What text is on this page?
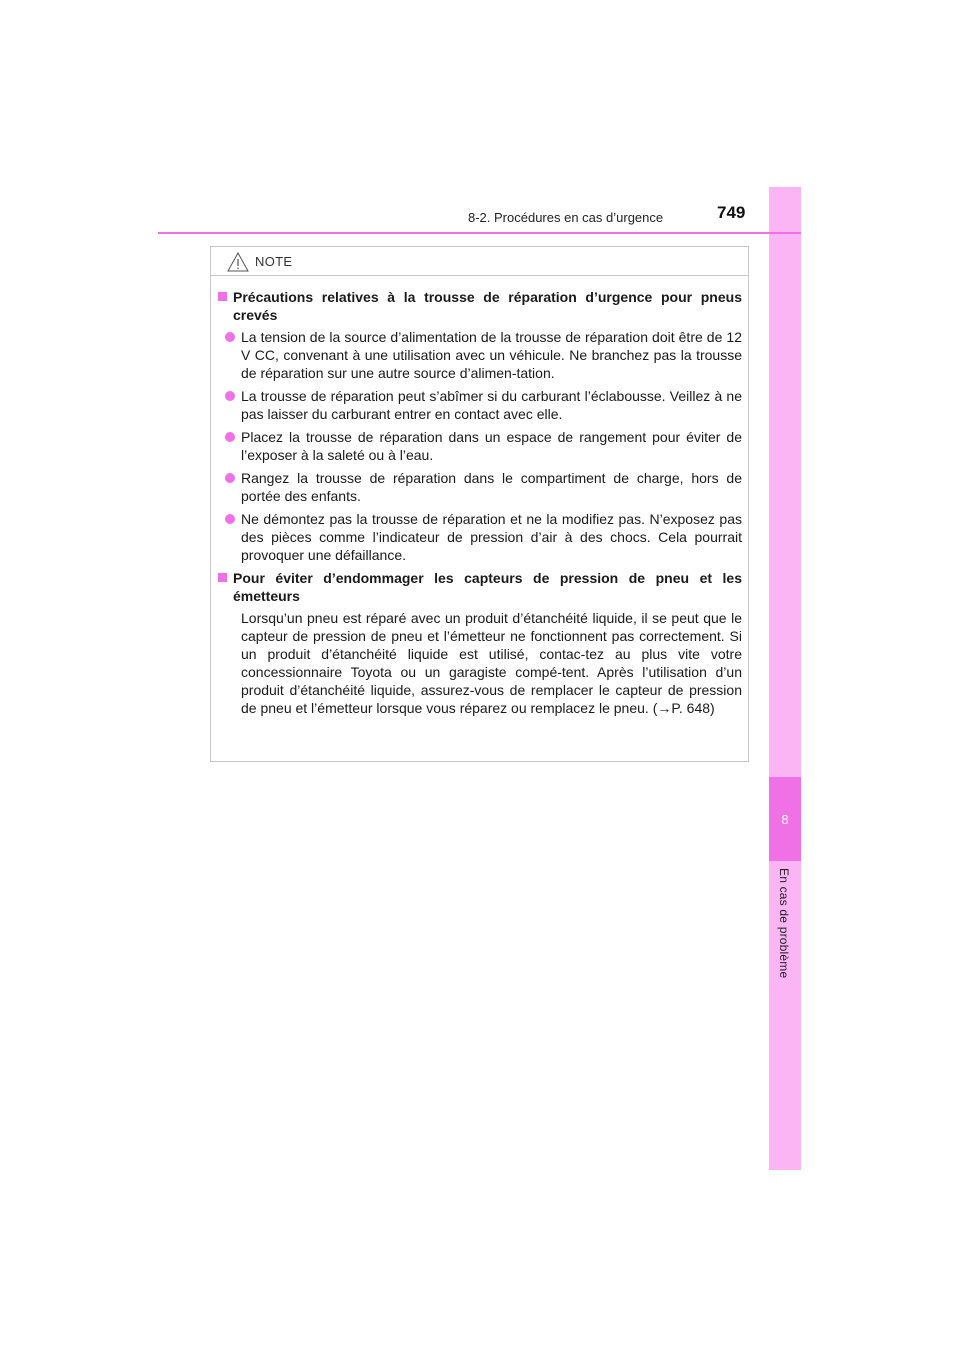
8
En cas de problème
8-2. Procédures en cas d’urgence	749
NOTE
Précautions relatives à la trousse de réparation d’urgence pour pneus crevés
La tension de la source d’alimentation de la trousse de réparation doit être de 12 V CC, convenant à une utilisation avec un véhicule. Ne branchez pas la trousse de réparation sur une autre source d’alimen-tation.
La trousse de réparation peut s’abîmer si du carburant l’éclabousse. Veillez à ne pas laisser du carburant entrer en contact avec elle.
Placez la trousse de réparation dans un espace de rangement pour éviter de l’exposer à la saleté ou à l’eau.
Rangez la trousse de réparation dans le compartiment de charge, hors de portée des enfants.
Ne démontez pas la trousse de réparation et ne la modifiez pas. N’exposez pas des pièces comme l’indicateur de pression d’air à des chocs. Cela pourrait provoquer une défaillance.
Pour éviter d’endommager les capteurs de pression de pneu et les émetteurs

Lorsqu’un pneu est réparé avec un produit d’étanchéité liquide, il se peut que le capteur de pression de pneu et l’émetteur ne fonctionnent pas correctement. Si un produit d’étanchéité liquide est utilisé, contac-tez au plus vite votre concessionnaire Toyota ou un garagiste compé-tent. Après l’utilisation d’un produit d’étanchéité liquide, assurez-vous de remplacer le capteur de pression de pneu et l’émetteur lorsque vous réparez ou remplacez le pneu. (→P. 648)
